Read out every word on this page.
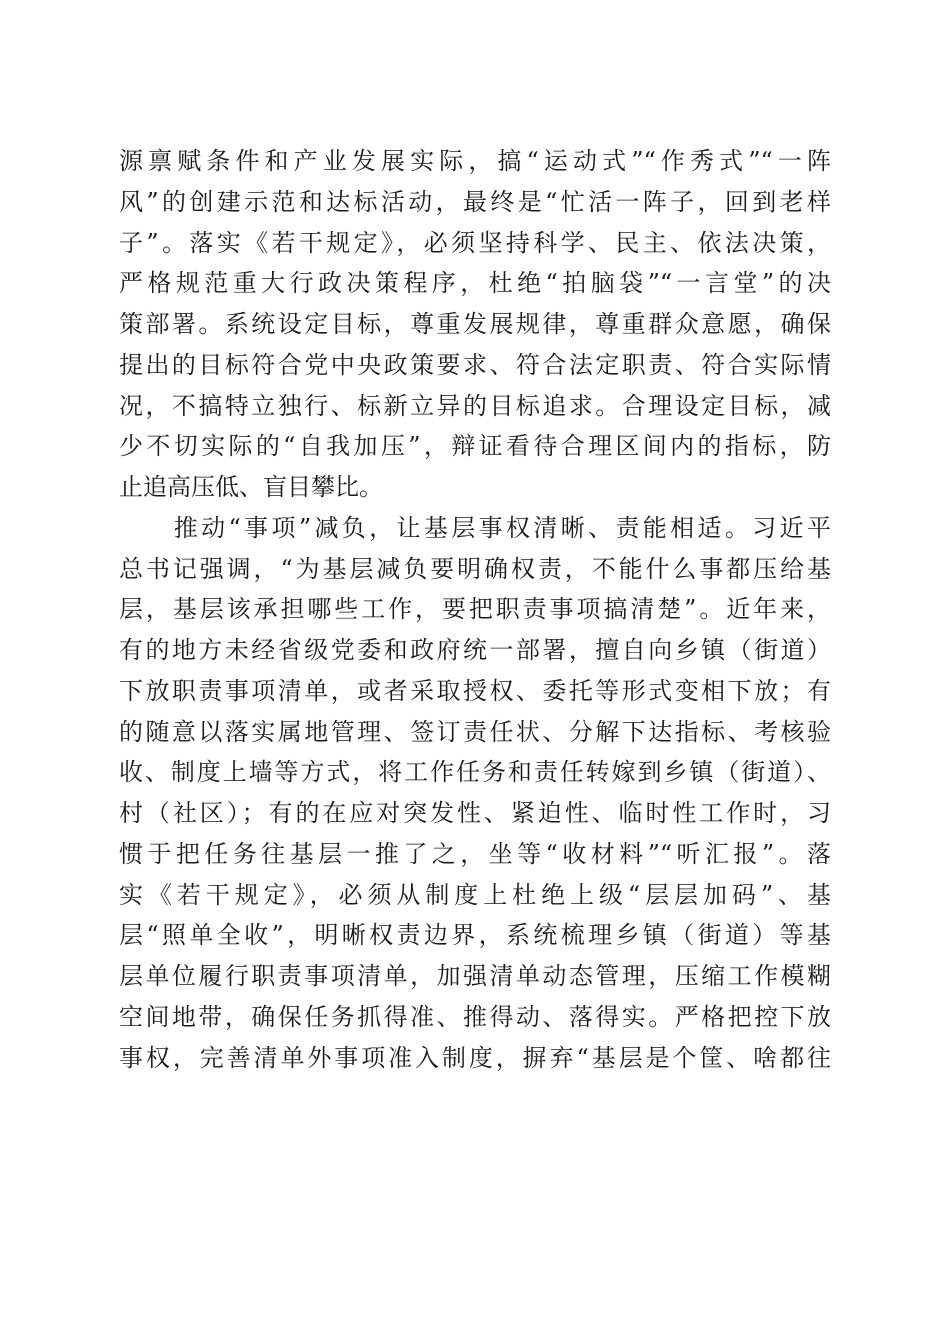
源禀赋条件和产业发展实际，搞“运动式”“作秀式”“一阵
风”的创建示范和达标活动，最终是“忙活一阵子，回到老样
子”。落实《若干规定》，必须坚持科学、民主、依法决策，
严格规范重大行政决策程序，杜绝“拍脑袋”“一言堂”的决
策部署。系统设定目标，尊重发展规律，尊重群众意愿，确保
提出的目标符合党中央政策要求、符合法定职责、符合实际情
况，不搞特立独行、标新立异的目标追求。合理设定目标，减
少不切实际的“自我加压”，辩证看待合理区间内的指标，防
止追高压低、盲目攀比。
　　推动“事项”减负，让基层事权清晰、责能相适。习近平
总书记强调，“为基层减负要明确权责，不能什么事都压给基
层，基层该承担哪些工作，要把职责事项搞清楚”。近年来，
有的地方未经省级党委和政府统一部署，擅自向乡镇（街道）
下放职责事项清单，或者采取授权、委托等形式变相下放；有
的随意以落实属地管理、签订责任状、分解下达指标、考核验
收、制度上墙等方式，将工作任务和责任转嫁到乡镇（街道）、
村（社区）；有的在应对突发性、紧迫性、临时性工作时，习
惯于把任务往基层一推了之，坐等“收材料”“听汇报”。落
实《若干规定》，必须从制度上杜绝上级“层层加码”、基
层“照单全收”，明晰权责边界，系统梳理乡镇（街道）等基
层单位履行职责事项清单，加强清单动态管理，压缩工作模糊
空间地带，确保任务抓得准、推得动、落得实。严格把控下放
事权，完善清单外事项准入制度，摒弃“基层是个筐、啥都往
